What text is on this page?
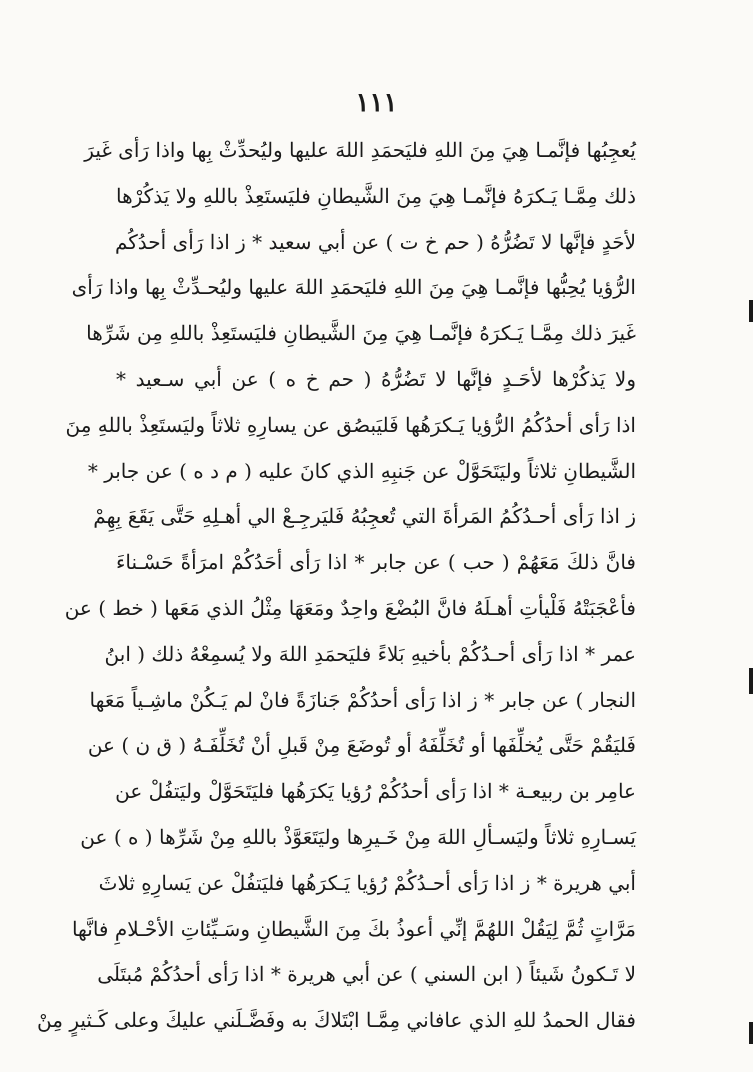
١١١
يُعجِبُها فإنَّمـا هِيَ مِنَ اللهِ فليَحمَدِ اللهَ عليها وليُحدِّثْ بِها واذا رَأى غَيرَ
ذلك مِمَّـا يَـكرَهُ فإنَّمـا هِيَ مِنَ الشَّيطانِ فليَستَعِذْ باللهِ ولا يَذكُرْها
لأحَدٍ فإنَّها لا تَضُرُّهُ ( حم خ ت ) عن أبي سعيد * ز اذا رَأى أحدُكُم
الرُّؤيا يُحِبُّها فإنَّمـا هِيَ مِنَ اللهِ فليَحمَدِ اللهَ عليها وليُحـدِّثْ بِها واذا رَأى
غَيرَ ذلك مِمَّـا يَـكرَهُ فإنَّمـا هِيَ مِنَ الشَّيطانِ فليَستَعِذْ باللهِ مِن شَرِّها
ولا يَذكُرْها لأحَـدٍ فإنَّها لا تَضُرُّهُ ( حم خ ه ) عن أبي سـعيد *
اذا رَأى أحدُكُمُ الرُّؤيا يَـكرَهُها فَليَبصُق عن يسارِهِ ثلاثاً وليَستَعِذْ باللهِ مِنَ
الشَّيطانِ ثلاثاً وليَتَحَوَّلْ عن جَنبِهِ الذي كانَ عليه ( م د ه ) عن جابر *
ز اذا رَأى أحـدُكُمُ المَرأةَ التي تُعجِبُهُ فَليَرجِـعْ الي أهـلِهِ حَتَّى يَقَعَ بِهِمْ
فانَّ ذلكَ مَعَهُمْ ( حب ) عن جابر * اذا رَأى أحَدُكُمْ امرَأةً حَسْـناءَ
فأعْجَبَتْهُ فَلْيأتِ أهـلَهُ فانَّ البُضْعَ واحِدٌ ومَعَهَا مِثْلُ الذي مَعَها ( خط ) عن
عمر * اذا رَأى أحـدُكُمْ بأخيهِ بَلاءً فليَحمَدِ اللهَ ولا يُسمِعْهُ ذلك ( ابنُ
النجار ) عن جابر * ز اذا رَأى أحدُكُمْ جَنازَةً فانْ لم يَـكُنْ ماشِـياً مَعَها
فَليَقُمْ حَتَّى يُخلِّفَها أو تُخَلِّفَهُ أو تُوضَعَ مِنْ قَبلِ أنْ تُخَلِّفَـهُ ( ق ن ) عن
عامِر بن ربيعـة * اذا رَأى أحدُكُمْ رُؤيا يَكرَهُها فليَتَحَوَّلْ وليَتفُلْ عن
يَسـارِهِ ثلاثاً وليَسـألِ اللهَ مِنْ خَـيرِها وليَتَعَوَّذْ باللهِ مِنْ شَرِّها ( ه ) عن
أبي هريرة * ز اذا رَأى أحـدُكُمْ رُؤيا يَـكرَهُها فليَتفُلْ عن يَسارِهِ ثلاثَ
مَرَّاتٍ ثُمَّ لِيَقُلْ اللهُمَّ إنِّي أعوذُ بكَ مِنَ الشَّيطانِ وسَـيِّئاتِ الأحْـلامِ فانَّها
لا تَـكونُ شَيئاً ( ابن السني ) عن أبي هريرة * اذا رَأى أحدُكُمْ مُبتَلَى
فقال الحمدُ للهِ الذي عافاني مِمَّـا ابْتَلاكَ به وفَضَّـلَني عليكَ وعلى كَـثيرٍ مِنْ
